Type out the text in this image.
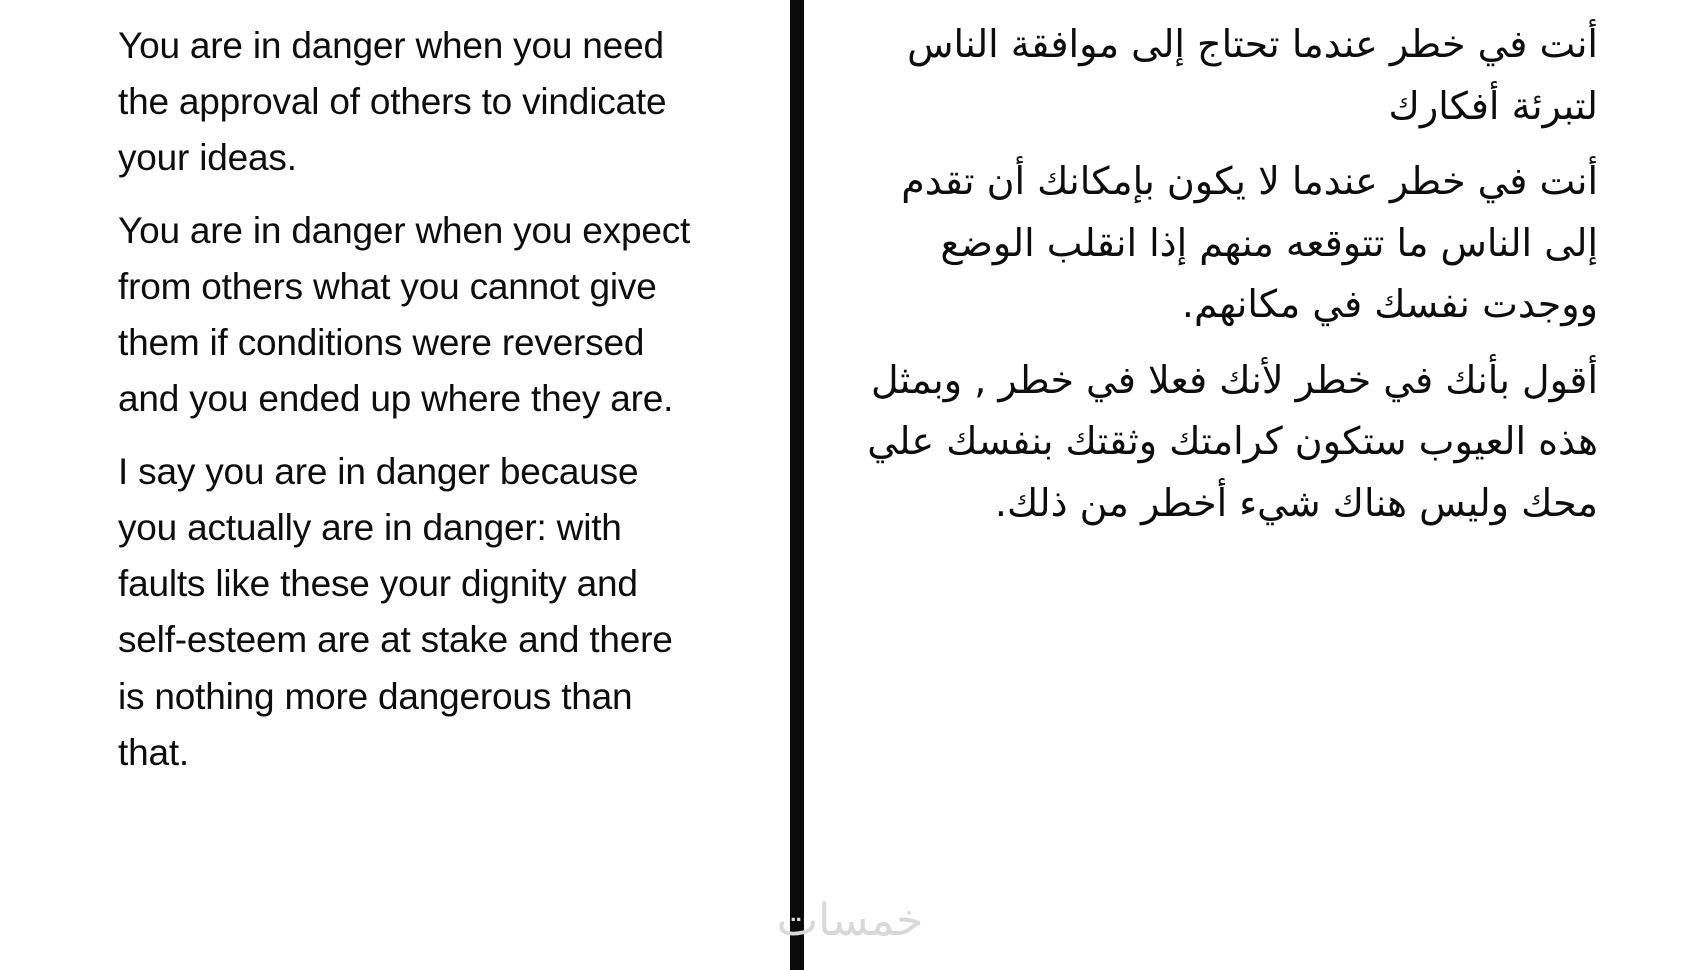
You are in danger when you need the approval of others to vindicate your ideas.

You are in danger when you expect from others what you cannot give them if conditions were reversed and you ended up where they are.

I say you are in danger because you actually are in danger: with faults like these your dignity and self-esteem are at stake and there is nothing more dangerous than that.

أنت في خطر عندما تحتاج إلى موافقة الناس لتبرئة أفكارك

أنت في خطر عندما لا يكون بإمكانك أن تقدم إلى الناس ما تتوقعه منهم إذا انقلب الوضع ووجدت نفسك في مكانهم.

أقول بأنك في خطر لأنك فعلا في خطر , وبمثل هذه العيوب ستكون كرامتك وثقتك بنفسك علي محك وليس هناك شيء أخطر من ذلك.

خمسات
